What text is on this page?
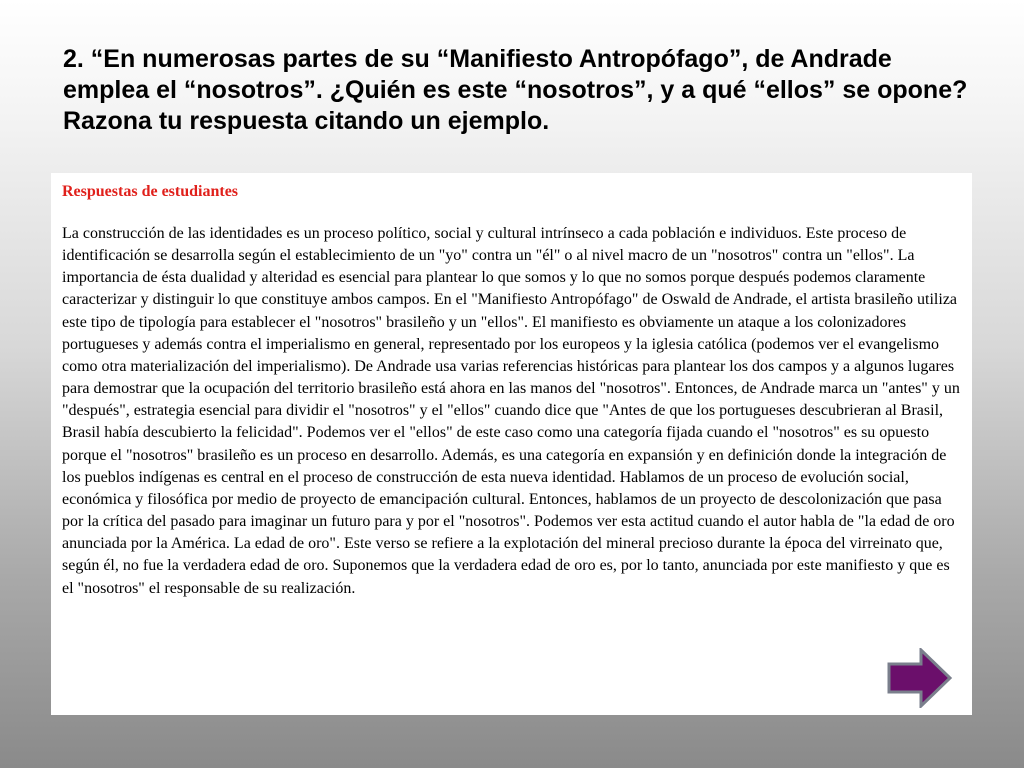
2. “En numerosas partes de su “Manifiesto Antropófago”, de Andrade emplea el “nosotros”. ¿Quién es este “nosotros”, y a qué “ellos” se opone? Razona tu respuesta citando un ejemplo.

Respuestas de estudiantes

La construcción de las identidades es un proceso político, social y cultural intrínseco a cada población e individuos. Este proceso de identificación se desarrolla según el establecimiento de un "yo" contra un "él" o al nivel macro de un "nosotros" contra un "ellos". La importancia de ésta dualidad y alteridad es esencial para plantear lo que somos y lo que no somos porque después podemos claramente caracterizar y distinguir lo que constituye ambos campos. En el "Manifiesto Antropófago" de Oswald de Andrade, el artista brasileño utiliza este tipo de tipología para establecer el "nosotros" brasileño y un "ellos". El manifiesto es obviamente un ataque a los colonizadores portugueses y además contra el imperialismo en general, representado por los europeos y la iglesia católica (podemos ver el evangelismo como otra materialización del imperialismo). De Andrade usa varias referencias históricas para plantear los dos campos y a algunos lugares para demostrar que la ocupación del territorio brasileño está ahora en las manos del "nosotros". Entonces, de Andrade marca un "antes" y un "después", estrategia esencial para dividir el "nosotros" y el "ellos" cuando dice que "Antes de que los portugueses descubrieran al Brasil, Brasil había descubierto la felicidad". Podemos ver el "ellos" de este caso como una categoría fijada cuando el "nosotros" es su opuesto porque el "nosotros" brasileño es un proceso en desarrollo. Además, es una categoría en expansión y en definición donde la integración de los pueblos indígenas es central en el proceso de construcción de esta nueva identidad. Hablamos de un proceso de evolución social, económica y filosófica por medio de proyecto de emancipación cultural. Entonces, hablamos de un proyecto de descolonización que pasa por la crítica del pasado para imaginar un futuro para y por el "nosotros". Podemos ver esta actitud cuando el autor habla de "la edad de oro anunciada por la América. La edad de oro". Este verso se refiere a la explotación del mineral precioso durante la época del virreinato que, según él, no fue la verdadera edad de oro. Suponemos que la verdadera edad de oro es, por lo tanto, anunciada por este manifiesto y que es el "nosotros" el responsable de su realización.
